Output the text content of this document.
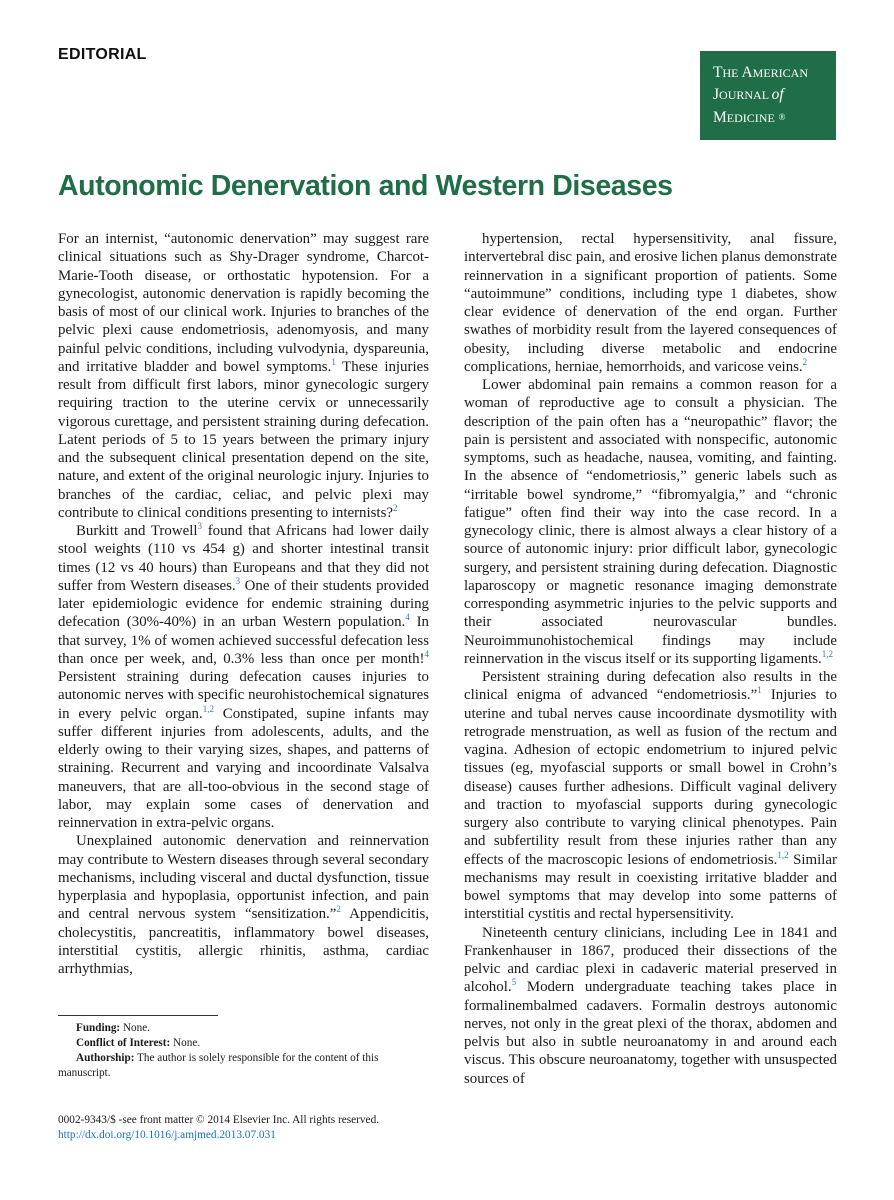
EDITORIAL
THE AMERICAN
JOURNAL of
MEDICINE ®
Autonomic Denervation and Western Diseases

For an internist, “autonomic denervation” may suggest rare clinical situations such as Shy-Drager syndrome, Charcot-Marie-Tooth disease, or orthostatic hypotension. For a gynecologist, autonomic denervation is rapidly becoming the basis of most of our clinical work. Injuries to branches of the pelvic plexi cause endometriosis, adenomyosis, and many painful pelvic conditions, including vulvodynia, dyspareunia, and irritative bladder and bowel symptoms.$^1$ These injuries result from difficult first labors, minor gynecologic surgery requiring traction to the uterine cervix or unnecessarily vigorous curettage, and persistent straining during defecation. Latent periods of 5 to 15 years between the primary injury and the subsequent clinical presentation depend on the site, nature, and extent of the original neurologic injury. Injuries to branches of the cardiac, celiac, and pelvic plexi may contribute to clinical conditions presenting to internists?$^2$

Burkitt and Trowell$^3$ found that Africans had lower daily stool weights (110 vs 454 g) and shorter intestinal transit times (12 vs 40 hours) than Europeans and that they did not suffer from Western diseases.$^3$ One of their students provided later epidemiologic evidence for endemic straining during defecation (30%-40%) in an urban Western population.$^4$ In that survey, 1% of women achieved successful defecation less than once per week, and, 0.3% less than once per month!$^4$ Persistent straining during defecation causes injuries to autonomic nerves with specific neurohistochemical signatures in every pelvic organ.$^{1,2}$ Constipated, supine infants may suffer different injuries from adolescents, adults, and the elderly owing to their varying sizes, shapes, and patterns of straining. Recurrent and varying and incoordinate Valsalva maneuvers, that are all-too-obvious in the second stage of labor, may explain some cases of denervation and reinnervation in extra-pelvic organs.

Unexplained autonomic denervation and reinnervation may contribute to Western diseases through several secondary mechanisms, including visceral and ductal dysfunction, tissue hyperplasia and hypoplasia, opportunist infection, and pain and central nervous system “sensitization.”$^2$ Appendicitis, cholecystitis, pancreatitis, inflammatory bowel diseases, interstitial cystitis, allergic rhinitis, asthma, cardiac arrhythmias,

hypertension, rectal hypersensitivity, anal fissure, intervertebral disc pain, and erosive lichen planus demonstrate reinnervation in a significant proportion of patients. Some “autoimmune” conditions, including type 1 diabetes, show clear evidence of denervation of the end organ. Further swathes of morbidity result from the layered consequences of obesity, including diverse metabolic and endocrine complications, herniae, hemorrhoids, and varicose veins.$^2$

Lower abdominal pain remains a common reason for a woman of reproductive age to consult a physician. The description of the pain often has a “neuropathic” flavor; the pain is persistent and associated with nonspecific, autonomic symptoms, such as headache, nausea, vomiting, and fainting. In the absence of “endometriosis,” generic labels such as “irritable bowel syndrome,” “fibromyalgia,” and “chronic fatigue” often find their way into the case record. In a gynecology clinic, there is almost always a clear history of a source of autonomic injury: prior difficult labor, gynecologic surgery, and persistent straining during defecation. Diagnostic laparoscopy or magnetic resonance imaging demonstrate corresponding asymmetric injuries to the pelvic supports and their associated neurovascular bundles. Neuroimmunohistochemical findings may include reinnervation in the viscus itself or its supporting ligaments.$^{1,2}$

Persistent straining during defecation also results in the clinical enigma of advanced “endometriosis.”$^1$ Injuries to uterine and tubal nerves cause incoordinate dysmotility with retrograde menstruation, as well as fusion of the rectum and vagina. Adhesion of ectopic endometrium to injured pelvic tissues (eg, myofascial supports or small bowel in Crohn’s disease) causes further adhesions. Difficult vaginal delivery and traction to myofascial supports during gynecologic surgery also contribute to varying clinical phenotypes. Pain and subfertility result from these injuries rather than any effects of the macroscopic lesions of endometriosis.$^{1,2}$ Similar mechanisms may result in coexisting irritative bladder and bowel symptoms that may develop into some patterns of interstitial cystitis and rectal hypersensitivity.

Nineteenth century clinicians, including Lee in 1841 and Frankenhauser in 1867, produced their dissections of the pelvic and cardiac plexi in cadaveric material preserved in alcohol.$^5$ Modern undergraduate teaching takes place in formalinembalmed cadavers. Formalin destroys autonomic nerves, not only in the great plexi of the thorax, abdomen and pelvis but also in subtle neuroanatomy in and around each viscus. This obscure neuroanatomy, together with unsuspected sources of

Funding: None.

Conflict of Interest: None.

Authorship: The author is solely responsible for the content of this manuscript.

0002-9343/$ -see front matter © 2014 Elsevier Inc. All rights reserved.
http://dx.doi.org/10.1016/j.amjmed.2013.07.031
